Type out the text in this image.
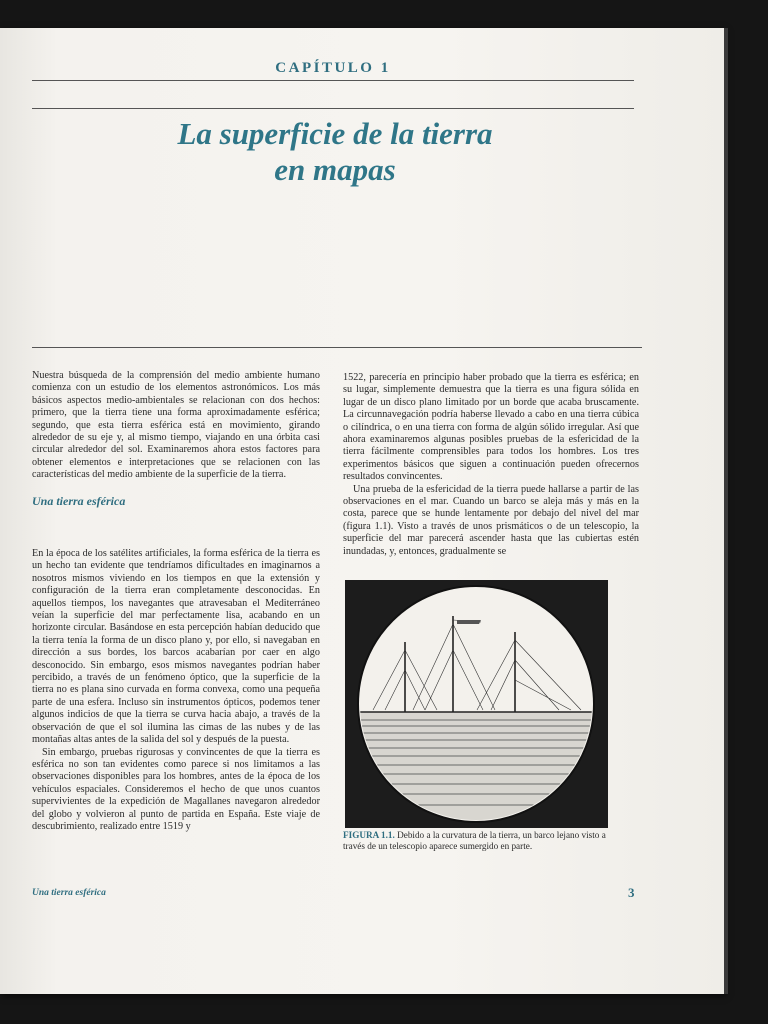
CAPÍTULO 1
La superficie de la tierra
en mapas

Nuestra búsqueda de la comprensión del medio ambiente humano comienza con un estudio de los elementos astronómicos. Los más básicos aspectos medio-ambientales se relacionan con dos hechos: primero, que la tierra tiene una forma aproximadamente esférica; segundo, que esta tierra esférica está en movimiento, girando alrededor de su eje y, al mismo tiempo, viajando en una órbita casi circular alrededor del sol. Examinaremos ahora estos factores para obtener elementos e interpretaciones que se relacionen con las características del medio ambiente de la superficie de la tierra.

Una tierra esférica

En la época de los satélites artificiales, la forma esférica de la tierra es un hecho tan evidente que tendríamos dificultades en imaginarnos a nosotros mismos viviendo en los tiempos en que la extensión y configuración de la tierra eran completamente desconocidas. En aquellos tiempos, los navegantes que atravesaban el Mediterráneo veían la superficie del mar perfectamente lisa, acabando en un horizonte circular. Basándose en esta percepción habían deducido que la tierra tenía la forma de un disco plano y, por ello, si navegaban en dirección a sus bordes, los barcos acabarían por caer en algo desconocido. Sin embargo, esos mismos navegantes podrían haber percibido, a través de un fenómeno óptico, que la superficie de la tierra no es plana sino curvada en forma convexa, como una pequeña parte de una esfera. Incluso sin instrumentos ópticos, podemos tener algunos indicios de que la tierra se curva hacia abajo, a través de la observación de que el sol ilumina las cimas de las nubes y de las montañas altas antes de la salida del sol y después de la puesta.

Sin embargo, pruebas rigurosas y convincentes de que la tierra es esférica no son tan evidentes como parece si nos limitamos a las observaciones disponibles para los hombres, antes de la época de los vehículos espaciales. Consideremos el hecho de que unos cuantos supervivientes de la expedición de Magallanes navegaron alrededor del globo y volvieron al punto de partida en España. Este viaje de descubrimiento, realizado entre 1519 y

1522, parecería en principio haber probado que la tierra es esférica; en su lugar, simplemente demuestra que la tierra es una figura sólida en lugar de un disco plano limitado por un borde que acaba bruscamente. La circunnavegación podría haberse llevado a cabo en una tierra cúbica o cilíndrica, o en una tierra con forma de algún sólido irregular. Así que ahora examinaremos algunas posibles pruebas de la esfericidad de la tierra fácilmente comprensibles para todos los hombres. Los tres experimentos básicos que siguen a continuación pueden ofrecernos resultados convincentes.

Una prueba de la esfericidad de la tierra puede hallarse a partir de las observaciones en el mar. Cuando un barco se aleja más y más en la costa, parece que se hunde lentamente por debajo del nivel del mar (figura 1.1). Visto a través de unos prismáticos o de un telescopio, la superficie del mar parecerá ascender hasta que las cubiertas estén inundadas, y, entonces, gradualmente se

FIGURA 1.1. Debido a la curvatura de la tierra, un barco lejano visto a través de un telescopio aparece sumergido en parte.
Una tierra esférica	3
